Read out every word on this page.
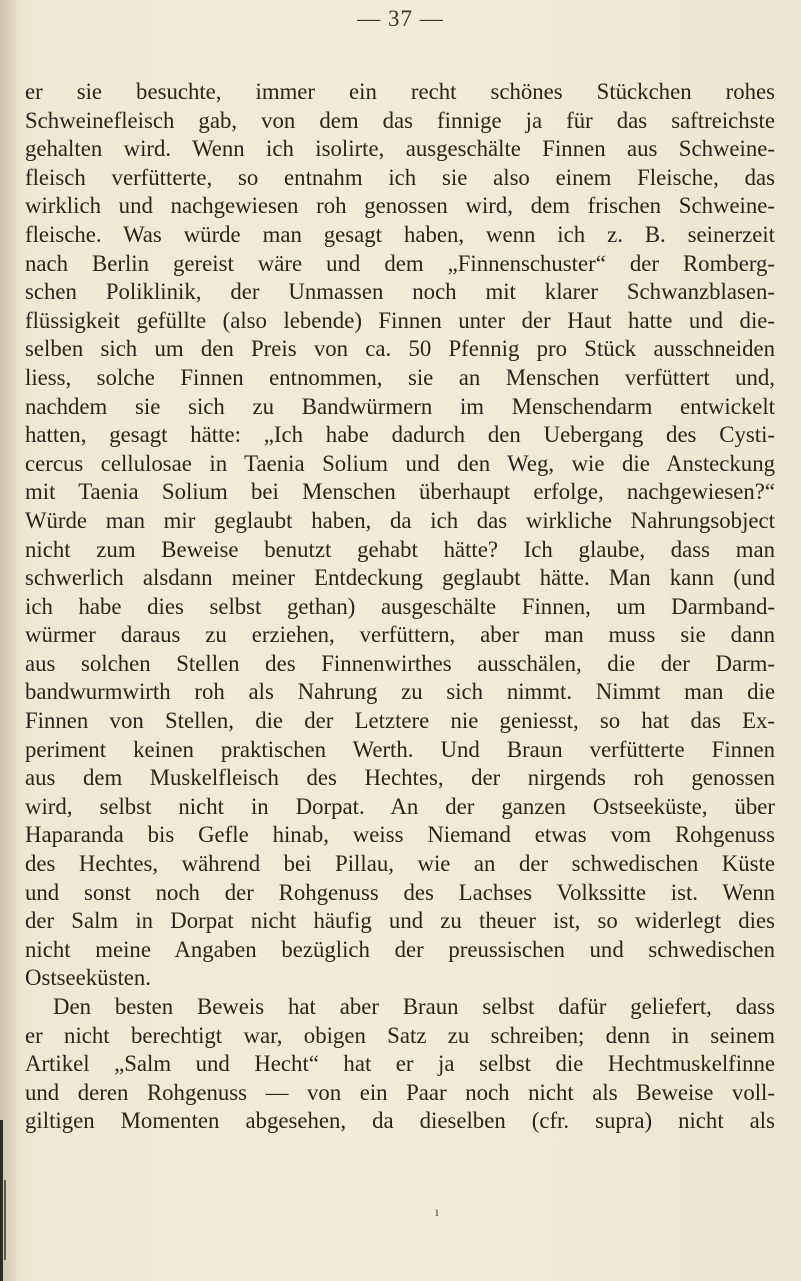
— 37 —
er sie besuchte, immer ein recht schönes Stückchen rohes
Schweinefleisch gab, von dem das finnige ja für das saftreichste
gehalten wird. Wenn ich isolirte, ausgeschälte Finnen aus Schweine-
fleisch verfütterte, so entnahm ich sie also einem Fleische, das
wirklich und nachgewiesen roh genossen wird, dem frischen Schweine-
fleische. Was würde man gesagt haben, wenn ich z. B. seinerzeit
nach Berlin gereist wäre und dem „Finnenschuster“ der Romberg-
schen Poliklinik, der Unmassen noch mit klarer Schwanzblasen-
flüssigkeit gefüllte (also lebende) Finnen unter der Haut hatte und die-
selben sich um den Preis von ca. 50 Pfennig pro Stück ausschneiden
liess, solche Finnen entnommen, sie an Menschen verfüttert und,
nachdem sie sich zu Bandwürmern im Menschendarm entwickelt
hatten, gesagt hätte: „Ich habe dadurch den Uebergang des Cysti-
cercus cellulosae in Taenia Solium und den Weg, wie die Ansteckung
mit Taenia Solium bei Menschen überhaupt erfolge, nachgewiesen?“
Würde man mir geglaubt haben, da ich das wirkliche Nahrungsobject
nicht zum Beweise benutzt gehabt hätte? Ich glaube, dass man
schwerlich alsdann meiner Entdeckung geglaubt hätte. Man kann (und
ich habe dies selbst gethan) ausgeschälte Finnen, um Darmband-
würmer daraus zu erziehen, verfüttern, aber man muss sie dann
aus solchen Stellen des Finnenwirthes ausschälen, die der Darm-
bandwurmwirth roh als Nahrung zu sich nimmt. Nimmt man die
Finnen von Stellen, die der Letztere nie geniesst, so hat das Ex-
periment keinen praktischen Werth. Und Braun verfütterte Finnen
aus dem Muskelfleisch des Hechtes, der nirgends roh genossen
wird, selbst nicht in Dorpat. An der ganzen Ostseeküste, über
Haparanda bis Gefle hinab, weiss Niemand etwas vom Rohgenuss
des Hechtes, während bei Pillau, wie an der schwedischen Küste
und sonst noch der Rohgenuss des Lachses Volkssitte ist. Wenn
der Salm in Dorpat nicht häufig und zu theuer ist, so widerlegt dies
nicht meine Angaben bezüglich der preussischen und schwedischen
Ostseeküsten.
Den besten Beweis hat aber Braun selbst dafür geliefert, dass
er nicht berechtigt war, obigen Satz zu schreiben; denn in seinem
Artikel „Salm und Hecht“ hat er ja selbst die Hechtmuskelfinne
und deren Rohgenuss — von ein Paar noch nicht als Beweise voll-
giltigen Momenten abgesehen, da dieselben (cfr. supra) nicht als
ı
